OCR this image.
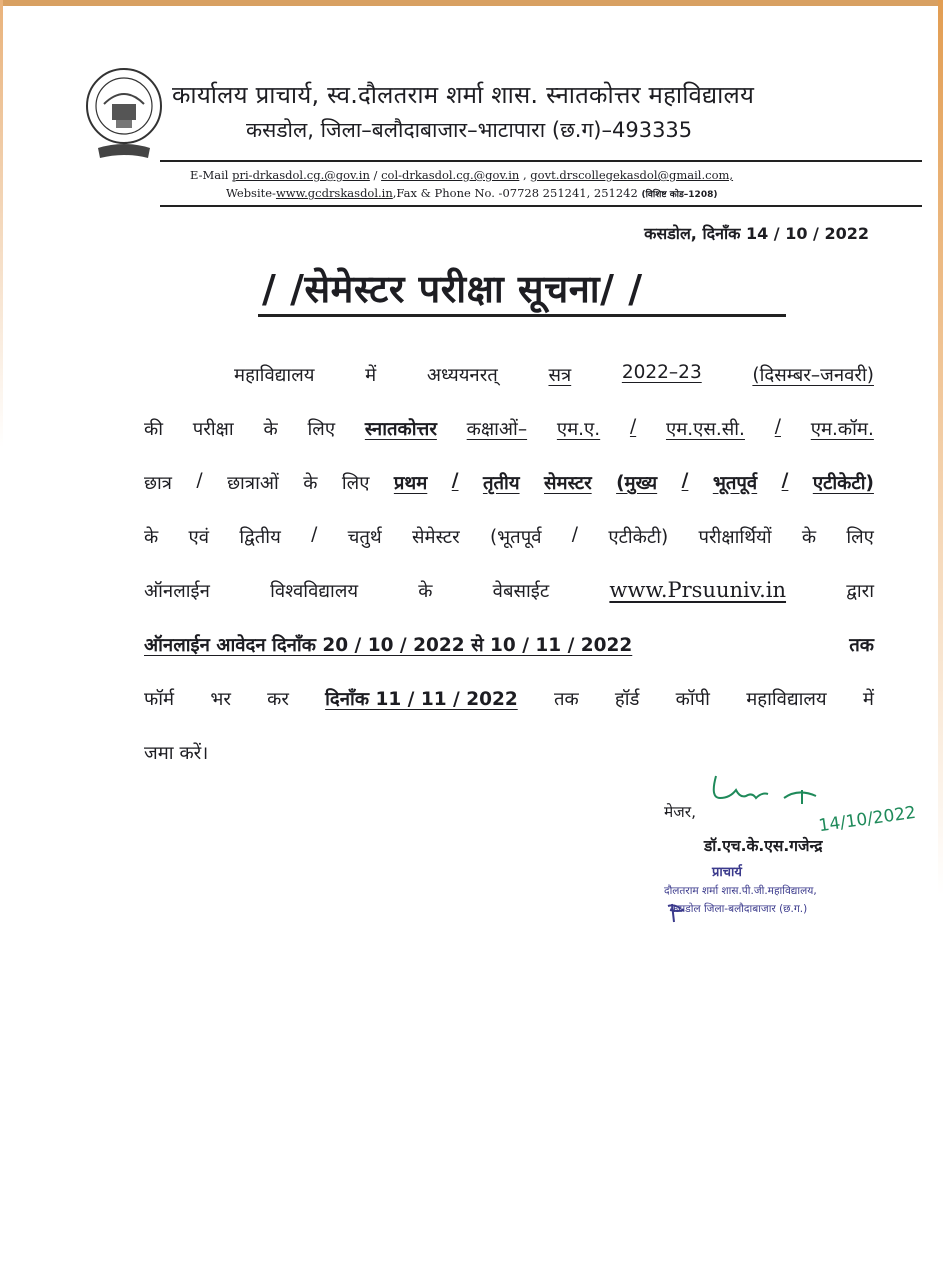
कार्यालय प्राचार्य, स्व.दौलतराम शर्मा शास. स्नातकोत्तर महाविद्यालय
कसडोल, जिला–बलौदाबाजार–भाटापारा (छ.ग)–493335
E-Mail pri-drkasdol.cg.@gov.in / col-drkasdol.cg.@gov.in , govt.drscollegekasdol@gmail.com,
Website-www.gcdrskasdol.in,Fax & Phone No. -07728 251241, 251242 (विशिष्ट कोड–1208)
कसडोल, दिनाँक 14 / 10 / 2022
/ /सेमेस्टर परीक्षा सूचना/ /
महाविद्यालय	में	अध्ययनरत्	सत्र	2022–23	(दिसम्बर–जनवरी)
की परीक्षा के लिए स्नातकोत्तर कक्षाओं– एम.ए. / एम.एस.सी. / एम.कॉम.
छात्र / छात्राओं के लिए प्रथम / तृतीय सेमस्टर (मुख्य / भूतपूर्व / एटीकेटी)
के एवं द्वितीय / चतुर्थ सेमेस्टर (भूतपूर्व / एटीकेटी) परीक्षार्थियों के लिए
ऑनलाईन	विश्वविद्यालय	के	वेबसाईट	www.Prsuuniv.in	द्वारा
ऑनलाईन आवेदन दिनाँक 20 / 10 / 2022 से 10 / 11 / 2022	तक
फॉर्म भर कर दिनाँक 11 / 11 / 2022 तक हॉर्ड कॉपी महाविद्यालय में
जमा करें।
मेजर,	14/10/2022
डॉ.एच.के.एस.गजेन्द्र
प्राचार्य
दौलतराम शर्मा शास.पी.जी.महाविद्यालय,
कसडोल जिला-बलौदाबाजार (छ.ग.)
